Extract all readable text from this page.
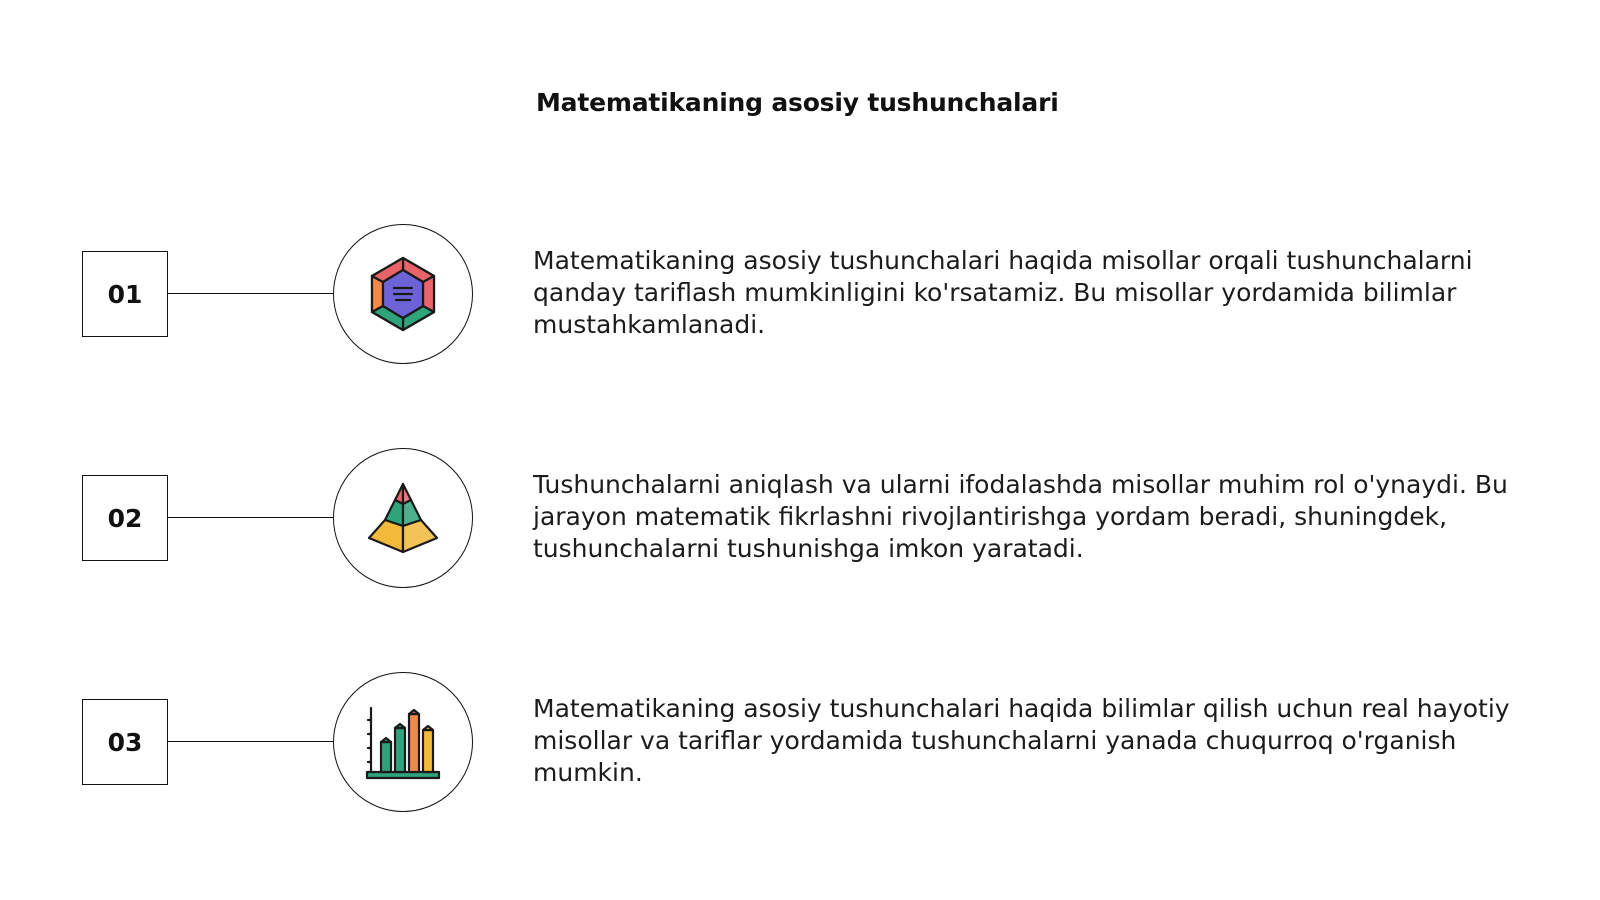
Matematikaning asosiy tushunchalari
01

Matematikaning asosiy tushunchalari haqida misollar orqali tushunchalarni qanday tariflash mumkinligini ko'rsatamiz. Bu misollar yordamida bilimlar mustahkamlanadi.

02

Tushunchalarni aniqlash va ularni ifodalashda misollar muhim rol o'ynaydi. Bu jarayon matematik fikrlashni rivojlantirishga yordam beradi, shuningdek, tushunchalarni tushunishga imkon yaratadi.

03

Matematikaning asosiy tushunchalari haqida bilimlar qilish uchun real hayotiy misollar va tariflar yordamida tushunchalarni yanada chuqurroq o'rganish mumkin.
